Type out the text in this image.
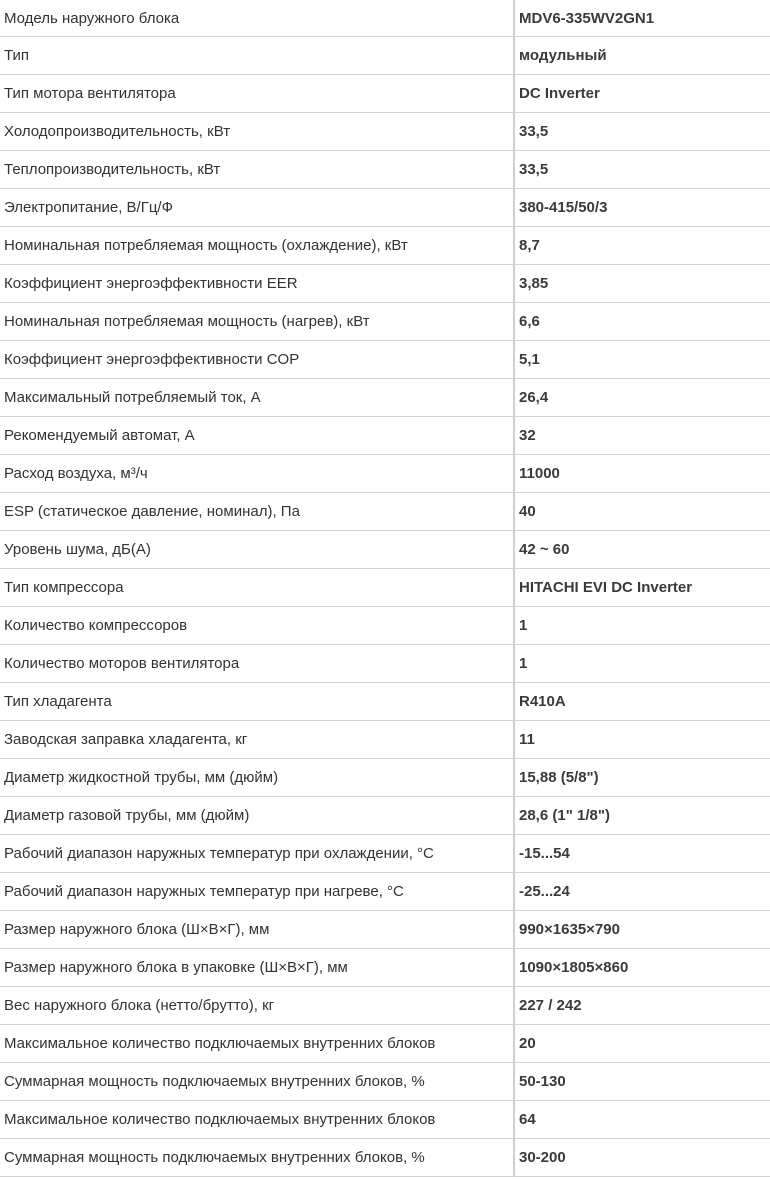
Модель наружного блока	MDV6-335WV2GN1
Тип	модульный
Тип мотора вентилятора	DC Inverter
Холодопроизводительность, кВт	33,5
Теплопроизводительность, кВт	33,5
Электропитание, В/Гц/Ф	380-415/50/3
Номинальная потребляемая мощность (охлаждение), кВт	8,7
Коэффициент энергоэффективности EER	3,85
Номинальная потребляемая мощность (нагрев), кВт	6,6
Коэффициент энергоэффективности COP	5,1
Максимальный потребляемый ток, А	26,4
Рекомендуемый автомат, А	32
Расход воздуха, м³/ч	11000
ESP (статическое давление, номинал), Па	40
Уровень шума, дБ(А)	42 ~ 60
Тип компрессора	HITACHI EVI DC Inverter
Количество компрессоров	1
Количество моторов вентилятора	1
Тип хладагента	R410A
Заводская заправка хладагента, кг	11
Диаметр жидкостной трубы, мм (дюйм)	15,88 (5/8")
Диаметр газовой трубы, мм (дюйм)	28,6 (1" 1/8")
Рабочий диапазон наружных температур при охлаждении, °С	-15...54
Рабочий диапазон наружных температур при нагреве, °С	-25...24
Размер наружного блока (Ш×В×Г), мм	990×1635×790
Размер наружного блока в упаковке (Ш×В×Г), мм	1090×1805×860
Вес наружного блока (нетто/брутто), кг	227 / 242
Максимальное количество подключаемых внутренних блоков	20
Суммарная мощность подключаемых внутренних блоков, %	50-130
Максимальное количество подключаемых внутренних блоков	64
Суммарная мощность подключаемых внутренних блоков, %	30-200
